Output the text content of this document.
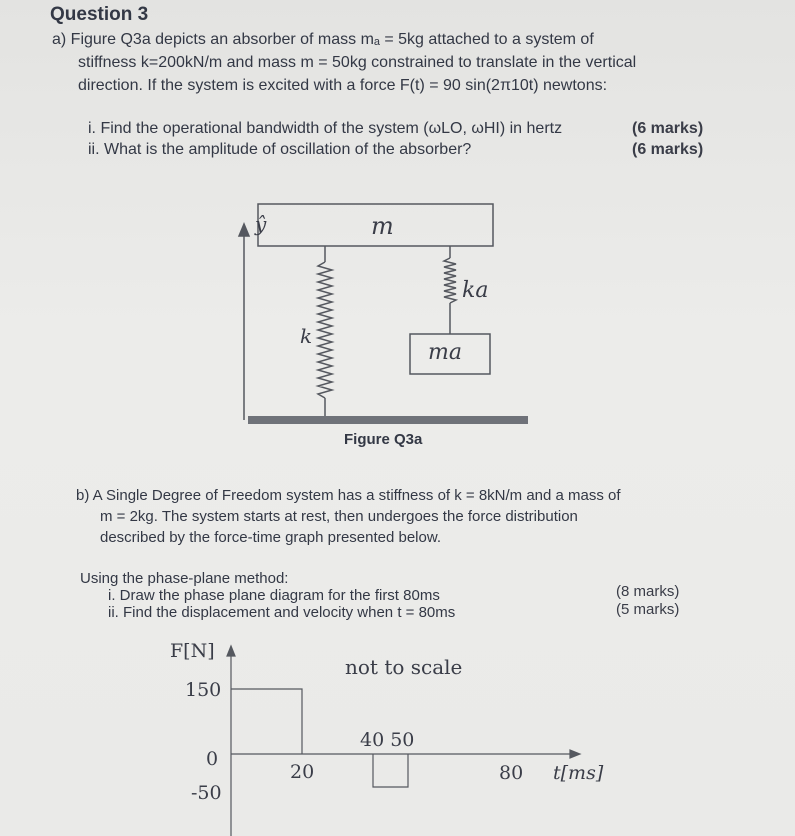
Question 3
a) Figure Q3a depicts an absorber of mass mₐ = 5kg attached to a system of
stiffness k=200kN/m and mass m = 50kg constrained to translate in the vertical
direction. If the system is excited with a force F(t) = 90 sin(2π10t) newtons:
i. Find the operational bandwidth of the system (ωLO, ωHI) in hertz
ii. What is the amplitude of oscillation of the absorber?
(6 marks)
(6 marks)
ŷ	m
k
ka
ma
Figure Q3a
b) A Single Degree of Freedom system has a stiffness of k = 8kN/m and a mass of
m = 2kg. The system starts at rest, then undergoes the force distribution
described by the force-time graph presented below.
Using the phase-plane method:
i. Draw the phase plane diagram for the first 80ms
ii. Find the displacement and velocity when t = 80ms
(8 marks)
(5 marks)
F[N]
150
0
-50
20
40 50
80 t[ms]
not to scale
